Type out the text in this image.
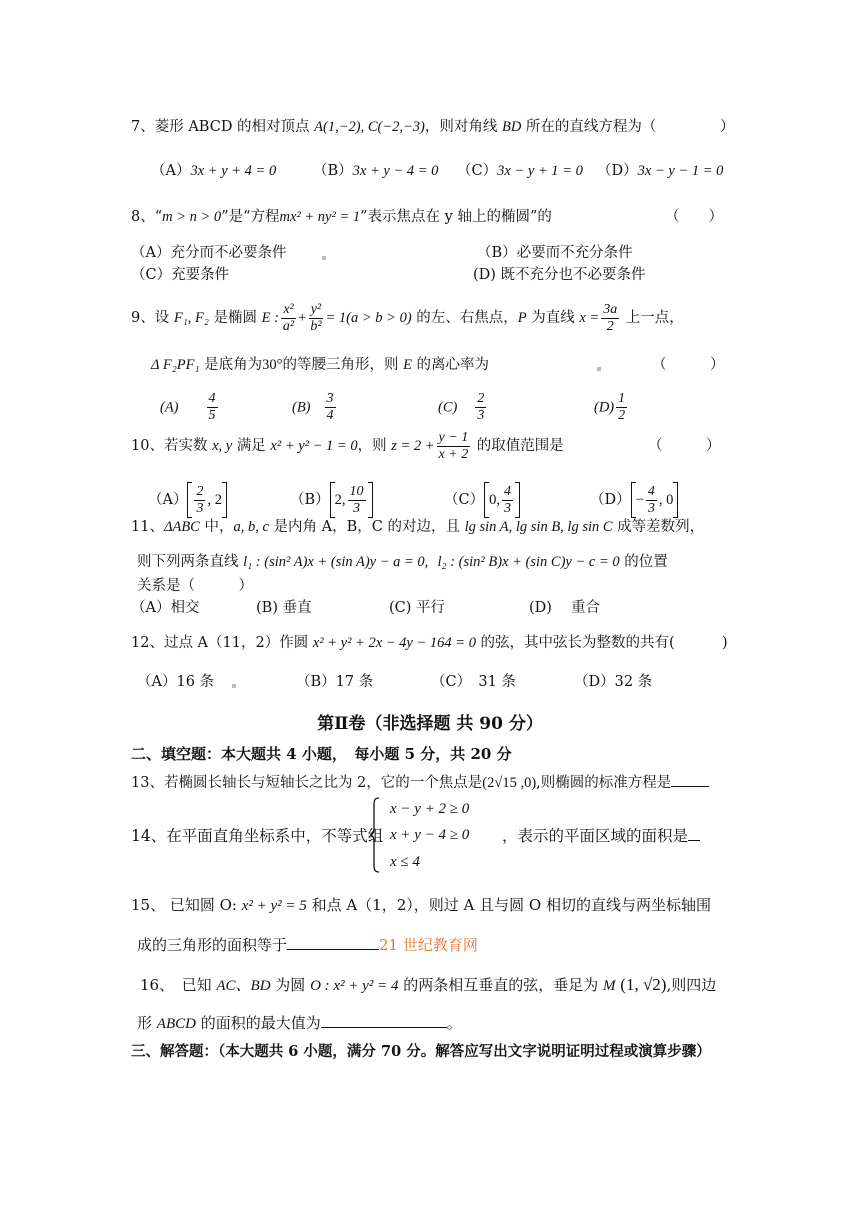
7、菱形 ABCD 的相对顶点 A(1,−2), C(−2,−3)，则对角线 BD 所在的直线方程为（	）
（A）3x + y + 4 = 0	（B）3x + y − 4 = 0 （C）3x − y + 1 = 0 （D）3x − y − 1 = 0
8、“m > n > 0”是“方程mx² + ny² = 1”表示焦点在 y 轴上的椭圆”的	（　　）
（A）充分而不必要条件	（B）必要而不充分条件
（C）充要条件	(D) 既不充分也不必要条件
9、设 F₁, F₂ 是椭圆 E : $\frac{\text{x²}}{\text{a²}} + \frac{\text{y²}}{\text{b²}} = 1(a > b > 0)$ 的左、右焦点，P 为直线 $x = \frac{3a}{2}$ 上一点，
Δ F₂PF₁ 是底角为30°的等腰三角形，则 E 的离心率为	（　　　）
$(A) \frac{4}{5}$	$(B) \frac{3}{4}$	$(C) \frac{2}{3}$	$(D) \frac{1}{2}$
10、若实数 x, y 满足 x² + y² − 1 = 0，则 $z = 2 + \frac{y - 1}{x + 2}$ 的取值范围是	（　　　）
$(A) \frac{2}{3}$ , 2	（B） 2, $\frac{10}{3}$	（C） 0, $\frac{4}{3}$	$(D) - \frac{4}{3}$ , 0
11、ΔABC 中，a, b, c 是内角 A，B，C 的对边，且 lg sin A, lg sin B, lg sin C 成等差数列，
则下列两条直线 l₁ : (sin² A)x + (sin A)y − a = 0, l₂ : (sin² B)x + (sin C)y − c = 0 的位置
关系是（　　　）
（A）相交	(B) 垂直	(C) 平行	(D) 　重合
12、过点 A（11，2）作圆 x² + y² + 2x − 4y − 164 = 0 的弦，其中弦长为整数的共有(	)
（A）16 条	（B）17 条	（C）　31 条	（D）32 条
第Ⅱ卷（非选择题 共 90 分）
二、填空题：本大题共 4 小题，　每小题 5 分，共 20 分
13、若椭圆长轴长与短轴长之比为 2，它的一个焦点是(2√15 ,0),则椭圆的标准方程是
14、在平面直角坐标系中，不等式组
x − y + 2 ≥ 0
x + y − 4 ≥ 0
x ≤ 4
，表示的平面区域的面积是
15、 已知圆 O: x² + y² = 5 和点 A（1，2），则过 A 且与圆 O 相切的直线与两坐标轴围
成的三角形的面积等于	21 世纪教育网
16、　已知 AC、BD 为圆 O : x² + y² = 4 的两条相互垂直的弦，垂足为 M (1, √2),则四边
形 ABCD 的面积的最大值为	。
三、解答题：（本大题共 6 小题，满分 70 分。解答应写出文字说明证明过程或演算步骤）
